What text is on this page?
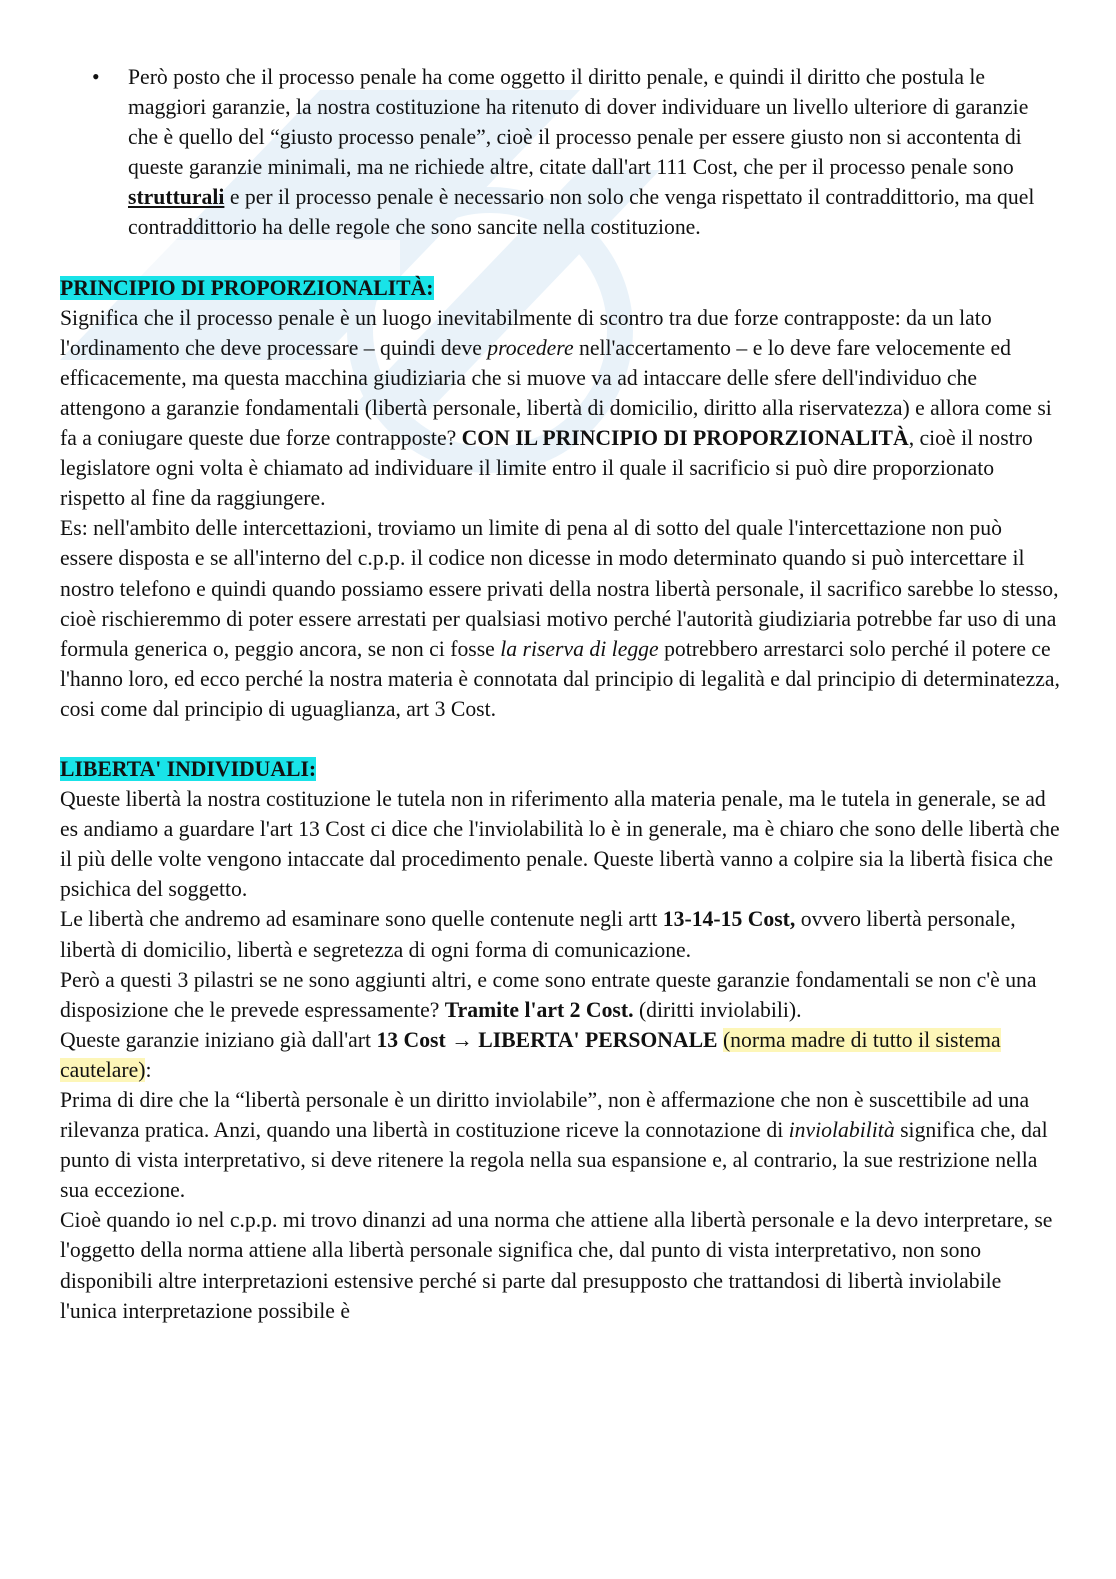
• Però posto che il processo penale ha come oggetto il diritto penale, e quindi il diritto che postula le maggiori garanzie, la nostra costituzione ha ritenuto di dover individuare un livello ulteriore di garanzie che è quello del “giusto processo penale”, cioè il processo penale per essere giusto non si accontenta di queste garanzie minimali, ma ne richiede altre, citate dall'art 111 Cost, che per il processo penale sono strutturali e per il processo penale è necessario non solo che venga rispettato il contraddittorio, ma quel contraddittorio ha delle regole che sono sancite nella costituzione.

PRINCIPIO DI PROPORZIONALITÀ:

Significa che il processo penale è un luogo inevitabilmente di scontro tra due forze contrapposte: da un lato l'ordinamento che deve processare – quindi deve procedere nell'accertamento – e lo deve fare velocemente ed efficacemente, ma questa macchina giudiziaria che si muove va ad intaccare delle sfere dell'individuo che attengono a garanzie fondamentali (libertà personale, libertà di domicilio, diritto alla riservatezza) e allora come si fa a coniugare queste due forze contrapposte? CON IL PRINCIPIO DI PROPORZIONALITÀ, cioè il nostro legislatore ogni volta è chiamato ad individuare il limite entro il quale il sacrificio si può dire proporzionato rispetto al fine da raggiungere.

Es: nell'ambito delle intercettazioni, troviamo un limite di pena al di sotto del quale l'intercettazione non può essere disposta e se all'interno del c.p.p. il codice non dicesse in modo determinato quando si può intercettare il nostro telefono e quindi quando possiamo essere privati della nostra libertà personale, il sacrifico sarebbe lo stesso, cioè rischieremmo di poter essere arrestati per qualsiasi motivo perché l'autorità giudiziaria potrebbe far uso di una formula generica o, peggio ancora, se non ci fosse la riserva di legge potrebbero arrestarci solo perché il potere ce l'hanno loro, ed ecco perché la nostra materia è connotata dal principio di legalità e dal principio di determinatezza, cosi come dal principio di uguaglianza, art 3 Cost.

LIBERTA' INDIVIDUALI:

Queste libertà la nostra costituzione le tutela non in riferimento alla materia penale, ma le tutela in generale, se ad es andiamo a guardare l'art 13 Cost ci dice che l'inviolabilità lo è in generale, ma è chiaro che sono delle libertà che il più delle volte vengono intaccate dal procedimento penale. Queste libertà vanno a colpire sia la libertà fisica che psichica del soggetto.

Le libertà che andremo ad esaminare sono quelle contenute negli artt 13-14-15 Cost, ovvero libertà personale, libertà di domicilio, libertà e segretezza di ogni forma di comunicazione.

Però a questi 3 pilastri se ne sono aggiunti altri, e come sono entrate queste garanzie fondamentali se non c'è una disposizione che le prevede espressamente? Tramite l'art 2 Cost. (diritti inviolabili).

Queste garanzie iniziano già dall'art 13 Cost → LIBERTA' PERSONALE (norma madre di tutto il sistema cautelare):

Prima di dire che la “libertà personale è un diritto inviolabile”, non è affermazione che non è suscettibile ad una rilevanza pratica. Anzi, quando una libertà in costituzione riceve la connotazione di inviolabilità significa che, dal punto di vista interpretativo, si deve ritenere la regola nella sua espansione e, al contrario, la sue restrizione nella sua eccezione.

Cioè quando io nel c.p.p. mi trovo dinanzi ad una norma che attiene alla libertà personale e la devo interpretare, se l'oggetto della norma attiene alla libertà personale significa che, dal punto di vista interpretativo, non sono disponibili altre interpretazioni estensive perché si parte dal presupposto che trattandosi di libertà inviolabile l'unica interpretazione possibile è
